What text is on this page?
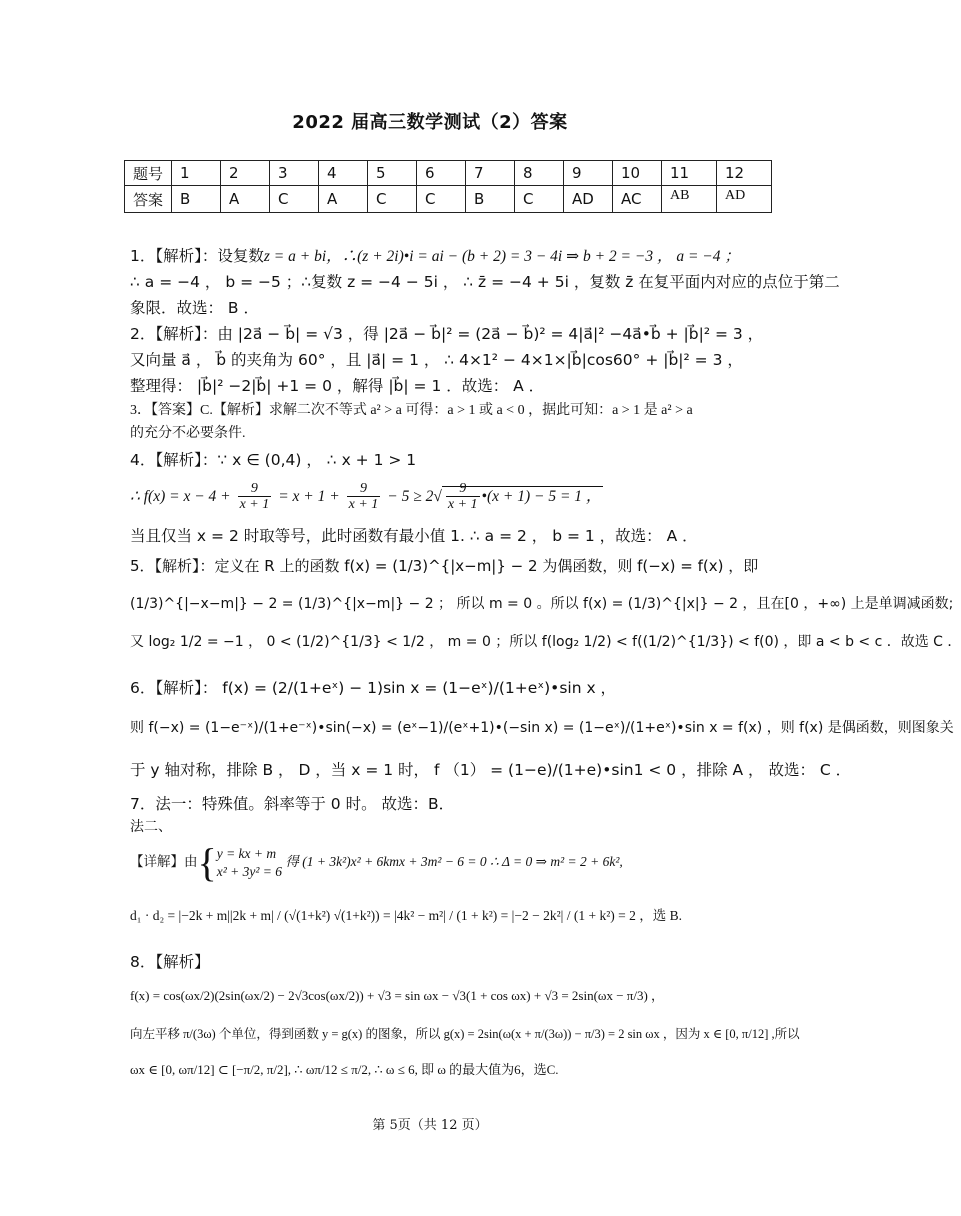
2022 届高三数学测试（2）答案
题号	1	2	3	4	5	6	7	8	9	10	11	12
答案	B	A	C	A	C	C	B	C	AD	AC	AB	AD
1．【解析】：设复数z = a + bi，∴(z + 2i)•i = ai − (b + 2) = 3 − 4i ⇒ b + 2 = −3 ， a = −4 ；
∴ a = −4 ， b = −5 ；∴复数 z = −4 − 5i ， ∴ z̄ = −4 + 5i ，复数 z̄ 在复平面内对应的点位于第二
象限．故选： B ．
2．【解析】：由 |2a⃗ − b⃗| = √3 ，得 |2a⃗ − b⃗|² = (2a⃗ − b⃗)² = 4|a⃗|² −4a⃗•b⃗ + |b⃗|² = 3 ，
又向量 a⃗ ， b⃗ 的夹角为 60° ，且 |a⃗| = 1 ， ∴ 4×1² − 4×1×|b⃗|cos60° + |b⃗|² = 3 ，
整理得： |b⃗|² −2|b⃗| +1 = 0 ，解得 |b⃗| = 1 ．故选： A ．
3．【答案】C.【解析】求解二次不等式 a² > a 可得：a > 1 或 a < 0 ，据此可知：a > 1 是 a² > a
的充分不必要条件.
4．【解析】：∵ x ∈ (0,4) ， ∴ x + 1 > 1
∴ $f(x) = x - 4 + \frac{9}{x + 1} = x + 1 + \frac{9}{x + 1} - 5 \ge 2√ \frac{9}{x + 1}$ •(x + 1) − 5 = 1 ，
当且仅当 x = 2 时取等号，此时函数有最小值 1. ∴ a = 2 ， b = 1 ，故选： A ．
5．【解析】：定义在 R 上的函数 f(x) = (1/3)^{|x−m|} − 2 为偶函数，则 f(−x) = f(x) ，即
(1/3)^{|−x−m|} − 2 = (1/3)^{|x−m|} − 2 ； 所以 m = 0 。所以 f(x) = (1/3)^{|x|} − 2 ，且在[0 ，+∞) 上是单调减函数;
又 log₂ 1/2 = −1 ， 0 < (1/2)^{1/3} < 1/2 ， m = 0 ；所以 f(log₂ 1/2) < f((1/2)^{1/3}) < f(0) ，即 a < b < c ．故选 C ．
6．【解析】： f(x) = (2/(1+eˣ) − 1)sin x = (1−eˣ)/(1+eˣ)•sin x ，
则 f(−x) = (1−e⁻ˣ)/(1+e⁻ˣ)•sin(−x) = (eˣ−1)/(eˣ+1)•(−sin x) = (1−eˣ)/(1+eˣ)•sin x = f(x) ，则 f(x) 是偶函数，则图象关
于 y 轴对称，排除 B ， D ，当 x = 1 时， f （1） = (1−e)/(1+e)•sin1 < 0 ，排除 A ， 故选： C ．
7．法一：特殊值。斜率等于 0 时。 故选：B．
法二、
【详解】由{ y = kx + m
x² + 3y² = 6
得 (1 + 3k²)x² + 6kmx + 3m² − 6 = 0 ∴ Δ = 0 ⇒ m² = 2 + 6k²,
d₁ · d₂ = |−2k + m||2k + m| / (√(1+k²) √(1+k²)) = |4k² − m²| / (1 + k²) = |−2 − 2k²| / (1 + k²) = 2 ，选 B.
8．【解析】
f(x) = cos(ωx/2)(2sin(ωx/2) − 2√3cos(ωx/2)) + √3 = sin ωx − √3(1 + cos ωx) + √3 = 2sin(ωx − π/3) ，
向左平移 π/(3ω) 个单位，得到函数 y = g(x) 的图象，所以 g(x) = 2sin(ω(x + π/(3ω)) − π/3) = 2 sin ωx ，因为 x ∈ [0, π/12] ,所以
ωx ∈ [0, ωπ/12] ⊂ [−π/2, π/2], ∴ ωπ/12 ≤ π/2, ∴ ω ≤ 6, 即 ω 的最大值为6，选C.
第 5页（共 12 页）
